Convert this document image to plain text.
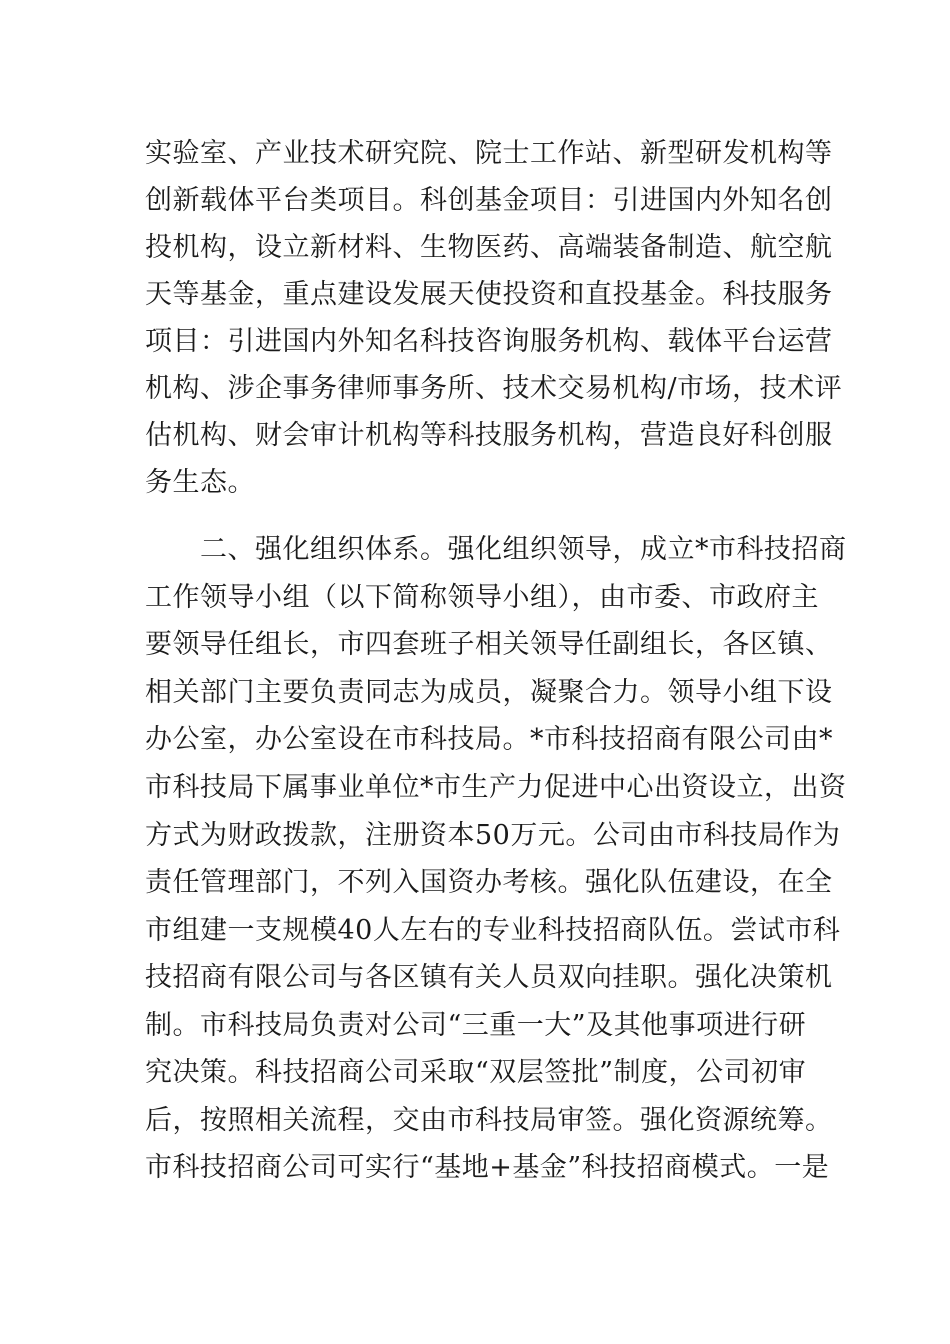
实验室、产业技术研究院、院士工作站、新型研发机构等
创新载体平台类项目。科创基金项目：引进国内外知名创
投机构，设立新材料、生物医药、高端装备制造、航空航
天等基金，重点建设发展天使投资和直投基金。科技服务
项目：引进国内外知名科技咨询服务机构、载体平台运营
机构、涉企事务律师事务所、技术交易机构/市场，技术评
估机构、财会审计机构等科技服务机构，营造良好科创服
务生态。
　　二、强化组织体系。强化组织领导，成立*市科技招商
工作领导小组（以下简称领导小组），由市委、市政府主
要领导任组长，市四套班子相关领导任副组长，各区镇、
相关部门主要负责同志为成员，凝聚合力。领导小组下设
办公室，办公室设在市科技局。*市科技招商有限公司由*
市科技局下属事业单位*市生产力促进中心出资设立，出资
方式为财政拨款，注册资本50万元。公司由市科技局作为
责任管理部门，不列入国资办考核。强化队伍建设，在全
市组建一支规模40人左右的专业科技招商队伍。尝试市科
技招商有限公司与各区镇有关人员双向挂职。强化决策机
制。市科技局负责对公司“三重一大”及其他事项进行研
究决策。科技招商公司采取“双层签批”制度，公司初审
后，按照相关流程，交由市科技局审签。强化资源统筹。
市科技招商公司可实行“基地+基金”科技招商模式。一是
